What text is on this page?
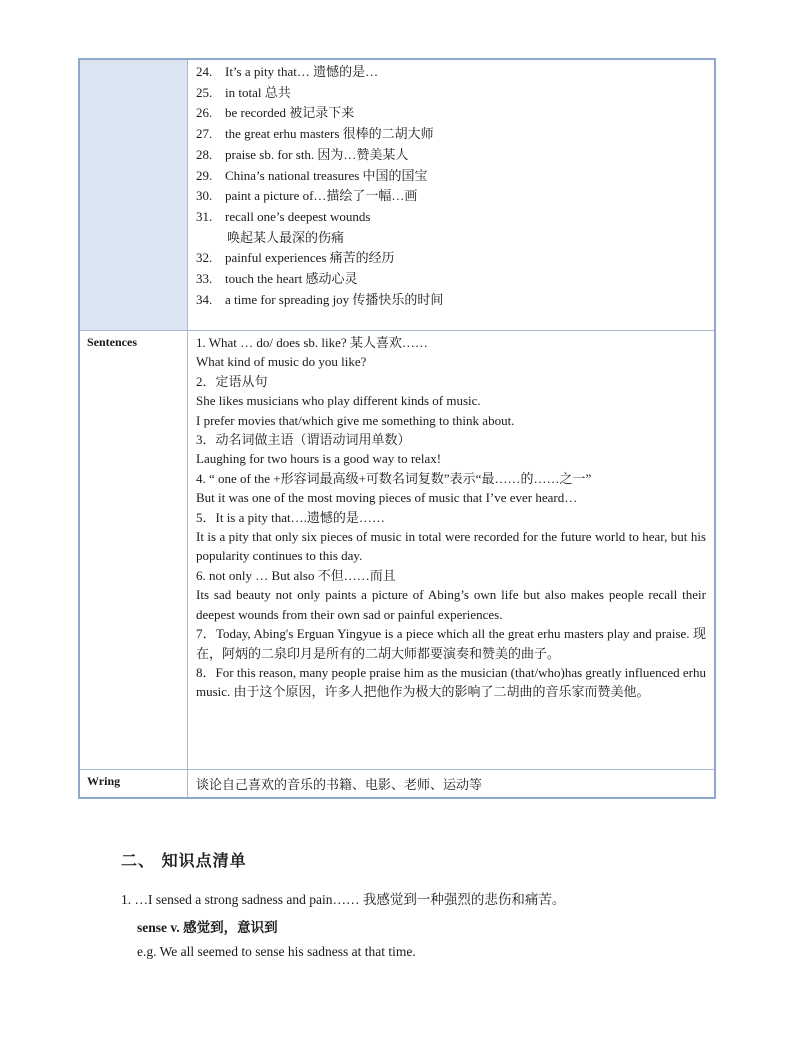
24. It’s a pity that… 遗憾的是…
25. in total 总共
26. be recorded 被记录下来
27. the great erhu masters 很棒的二胡大师
28. praise sb. for sth. 因为…赞美某人
29. China’s national treasures 中国的国宝
30. paint a picture of…描绘了一幅…画
31. recall one’s deepest wounds
唤起某人最深的伤痛
32. painful experiences 痛苦的经历
33. touch the heart 感动心灵
34. a time for spreading joy 传播快乐的时间
Sentences	1. What … do/ does sb. like? 某人喜欢……

What kind of music do you like?

2．定语从句

She likes musicians who play different kinds of music.

I prefer movies that/which give me something to think about.

3．动名词做主语（谓语动词用单数）

Laughing for two hours is a good way to relax!

4. “ one of the +形容词最高级+可数名词复数”表示“最……的……之一”

But it was one of the most moving pieces of music that I’ve ever heard…

5．It is a pity that….遗憾的是……

It is a pity that only six pieces of music in total were recorded for the future world to hear, but his popularity continues to this day.

6. not only … But also 不但……而且

Its sad beauty not only paints a picture of Abing’s own life but also makes people recall their deepest wounds from their own sad or painful experiences.

7．Today, Abing's Erguan Yingyue is a piece which all the great erhu masters play and praise. 现在，阿炳的二泉印月是所有的二胡大师都要演奏和赞美的曲子。

8．For this reason, many people praise him as the musician (that/who)has greatly influenced erhu music. 由于这个原因，许多人把他作为极大的影响了二胡曲的音乐家而赞美他。

Wring	谈论自己喜欢的音乐的书籍、电影、老师、运动等
二、 知识点清单
1. …I sensed a strong sadness and pain…… 我感觉到一种强烈的悲伤和痛苦。
sense v. 感觉到，意识到
e.g. We all seemed to sense his sadness at that time.
